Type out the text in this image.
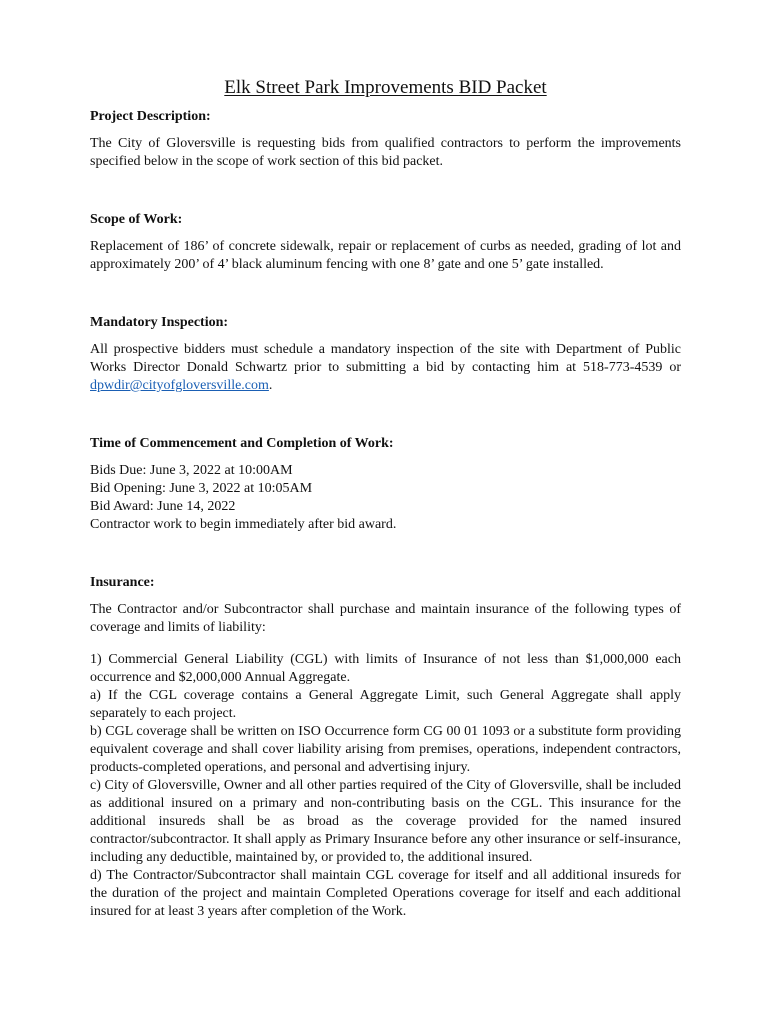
Elk Street Park Improvements BID Packet
Project Description:

The City of Gloversville is requesting bids from qualified contractors to perform the improvements specified below in the scope of work section of this bid packet.

Scope of Work:

Replacement of 186’ of concrete sidewalk, repair or replacement of curbs as needed, grading of lot and approximately 200’ of 4’ black aluminum fencing with one 8’ gate and one 5’ gate installed.

Mandatory Inspection:

All prospective bidders must schedule a mandatory inspection of the site with Department of Public Works Director Donald Schwartz prior to submitting a bid by contacting him at 518-773-4539 or dpwdir@cityofgloversville.com.

Time of Commencement and Completion of Work:

Bids Due: June 3, 2022 at 10:00AM
Bid Opening: June 3, 2022 at 10:05AM
Bid Award: June 14, 2022
Contractor work to begin immediately after bid award.

Insurance:

The Contractor and/or Subcontractor shall purchase and maintain insurance of the following types of coverage and limits of liability:

1) Commercial General Liability (CGL) with limits of Insurance of not less than $1,000,000 each occurrence and $2,000,000 Annual Aggregate.

a) If the CGL coverage contains a General Aggregate Limit, such General Aggregate shall apply separately to each project.

b) CGL coverage shall be written on ISO Occurrence form CG 00 01 1093 or a substitute form providing equivalent coverage and shall cover liability arising from premises, operations, independent contractors, products-completed operations, and personal and advertising injury.

c) City of Gloversville, Owner and all other parties required of the City of Gloversville, shall be included as additional insured on a primary and non-contributing basis on the CGL. This insurance for the additional insureds shall be as broad as the coverage provided for the named insured contractor/subcontractor. It shall apply as Primary Insurance before any other insurance or self-insurance, including any deductible, maintained by, or provided to, the additional insured.

d) The Contractor/Subcontractor shall maintain CGL coverage for itself and all additional insureds for the duration of the project and maintain Completed Operations coverage for itself and each additional insured for at least 3 years after completion of the Work.
